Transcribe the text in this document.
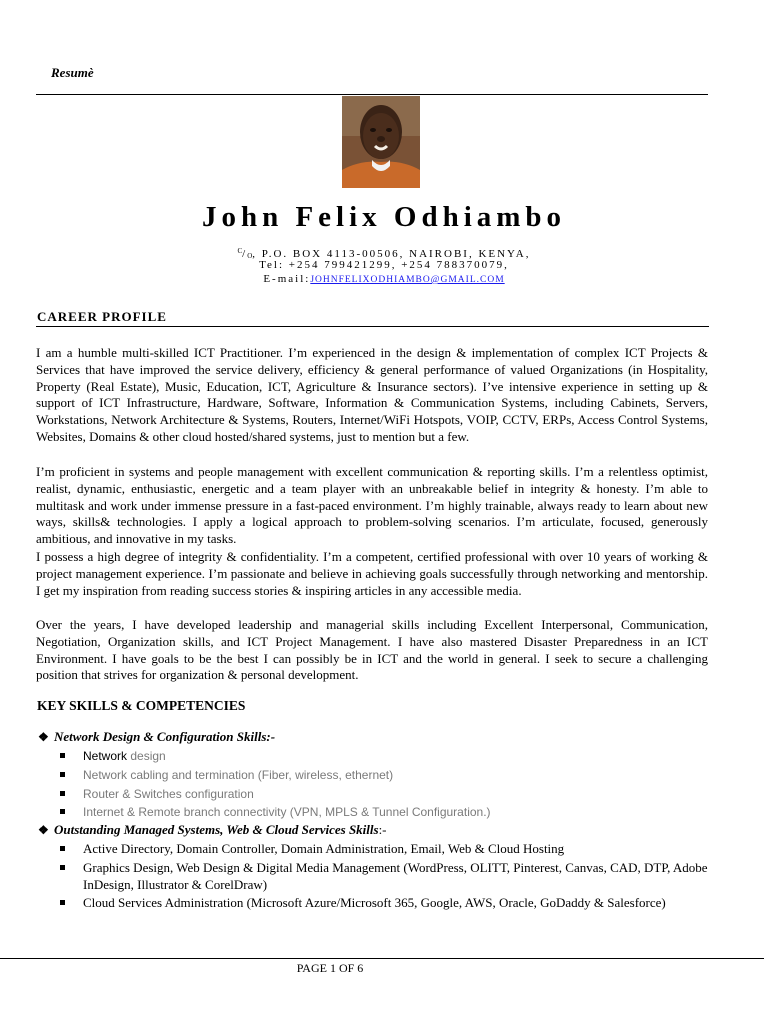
Resumè
John Felix Odhiambo
$^C$/O, P.O. BOX 4113-00506, NAIROBI, KENYA,
Tel: +254 799421299, +254 788370079,
E-mail:JOHNFELIXODHIAMBO@GMAIL.COM
CAREER PROFILE

I am a humble multi-skilled ICT Practitioner. I’m experienced in the design & implementation of complex ICT Projects & Services that have improved the service delivery, efficiency & general performance of valued Organizations (in Hospitality, Property (Real Estate), Music, Education, ICT, Agriculture & Insurance sectors). I’ve intensive experience in setting up & support of ICT Infrastructure, Hardware, Software, Information & Communication Systems, including Cabinets, Servers, Workstations, Network Architecture & Systems, Routers, Internet/WiFi Hotspots, VOIP, CCTV, ERPs, Access Control Systems, Websites, Domains & other cloud hosted/shared systems, just to mention but a few.

I’m proficient in systems and people management with excellent communication & reporting skills. I’m a relentless optimist, realist, dynamic, enthusiastic, energetic and a team player with an unbreakable belief in integrity & honesty. I’m able to multitask and work under immense pressure in a fast-paced environment. I’m highly trainable, always ready to learn about new ways, skills& technologies. I apply a logical approach to problem-solving scenarios. I’m articulate, focused, generously ambitious, and innovative in my tasks.

I possess a high degree of integrity & confidentiality. I’m a competent, certified professional with over 10 years of working & project management experience. I’m passionate and believe in achieving goals successfully through networking and mentorship. I get my inspiration from reading success stories & inspiring articles in any accessible media.

Over the years, I have developed leadership and managerial skills including Excellent Interpersonal, Communication, Negotiation, Organization skills, and ICT Project Management. I have also mastered Disaster Preparedness in an ICT Environment. I have goals to be the best I can possibly be in ICT and the world in general. I seek to secure a challenging position that strives for organization & personal development.

KEY SKILLS & COMPETENCIES
❖ Network Design & Configuration Skills:-
Network design
Network cabling and termination (Fiber, wireless, ethernet)
Router & Switches configuration
Internet & Remote branch connectivity (VPN, MPLS & Tunnel Configuration.)
❖ Outstanding Managed Systems, Web & Cloud Services Skills:-
Active Directory, Domain Controller, Domain Administration, Email, Web & Cloud Hosting
Graphics Design, Web Design & Digital Media Management (WordPress, OLITT, Pinterest, Canvas, CAD, DTP, Adobe InDesign, Illustrator & CorelDraw)
Cloud Services Administration (Microsoft Azure/Microsoft 365, Google, AWS, Oracle, GoDaddy & Salesforce)
PAGE 1 OF 6
